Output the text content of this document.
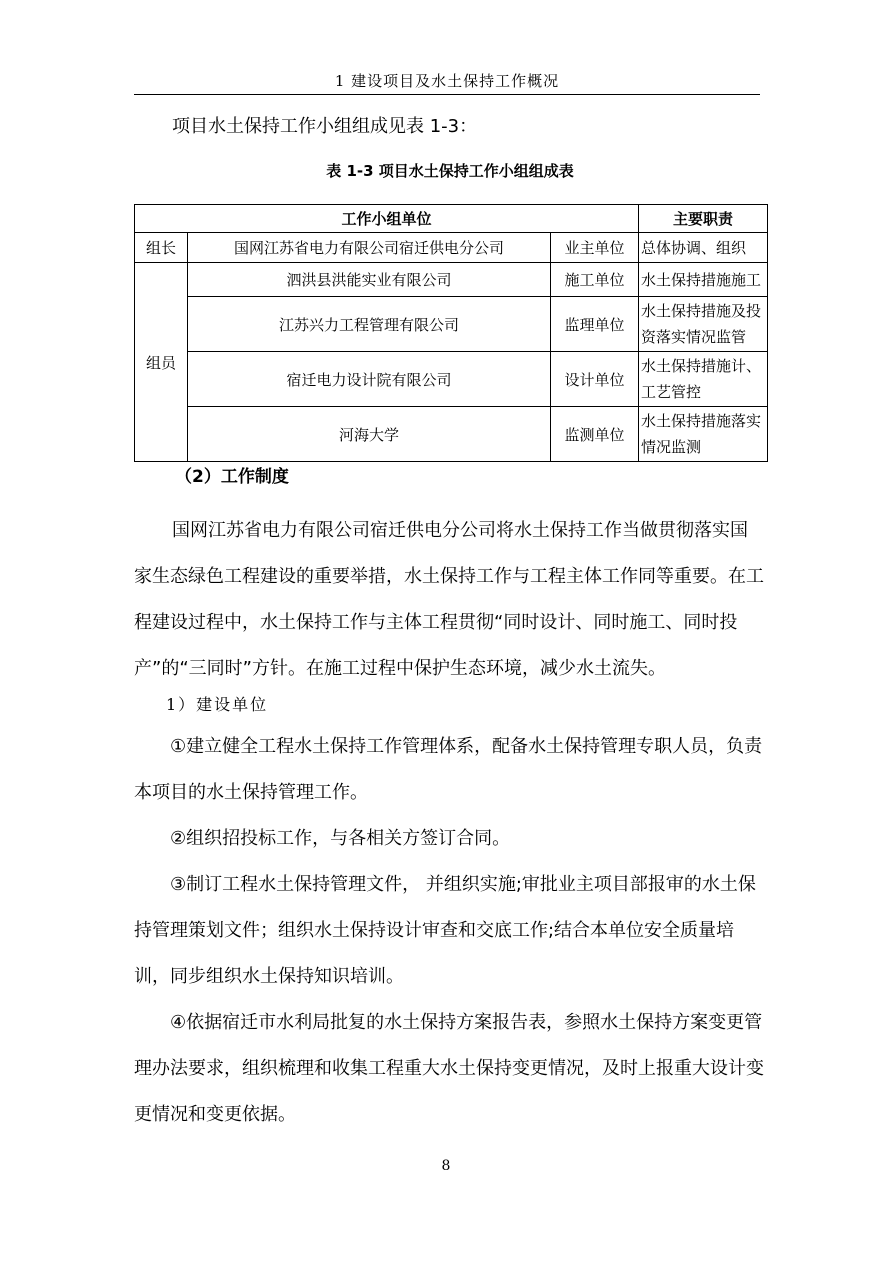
1 建设项目及水土保持工作概况

项目水土保持工作小组组成见表 1-3：

表 1-3 项目水土保持工作小组组成表
工作小组单位			主要职责
组长	国网江苏省电力有限公司宿迁供电分公司	业主单位	总体协调、组织
组员	泗洪县洪能实业有限公司	施工单位	水土保持措施施工
	江苏兴力工程管理有限公司	监理单位	水土保持措施及投资落实情况监管
	宿迁电力设计院有限公司	设计单位	水土保持措施计、工艺管控
	河海大学	监测单位	水土保持措施落实情况监测
（2）工作制度

国网江苏省电力有限公司宿迁供电分公司将水土保持工作当做贯彻落实国家生态绿色工程建设的重要举措，水土保持工作与工程主体工作同等重要。在工程建设过程中，水土保持工作与主体工程贯彻“同时设计、同时施工、同时投产”的“三同时”方针。在施工过程中保护生态环境，减少水土流失。

1）建设单位

①建立健全工程水土保持工作管理体系，配备水土保持管理专职人员，负责本项目的水土保持管理工作。

②组织招投标工作，与各相关方签订合同。

③制订工程水土保持管理文件， 并组织实施;审批业主项目部报审的水土保持管理策划文件；组织水土保持设计审查和交底工作;结合本单位安全质量培训，同步组织水土保持知识培训。

④依据宿迁市水利局批复的水土保持方案报告表，参照水土保持方案变更管理办法要求，组织梳理和收集工程重大水土保持变更情况，及时上报重大设计变更情况和变更依据。

8
